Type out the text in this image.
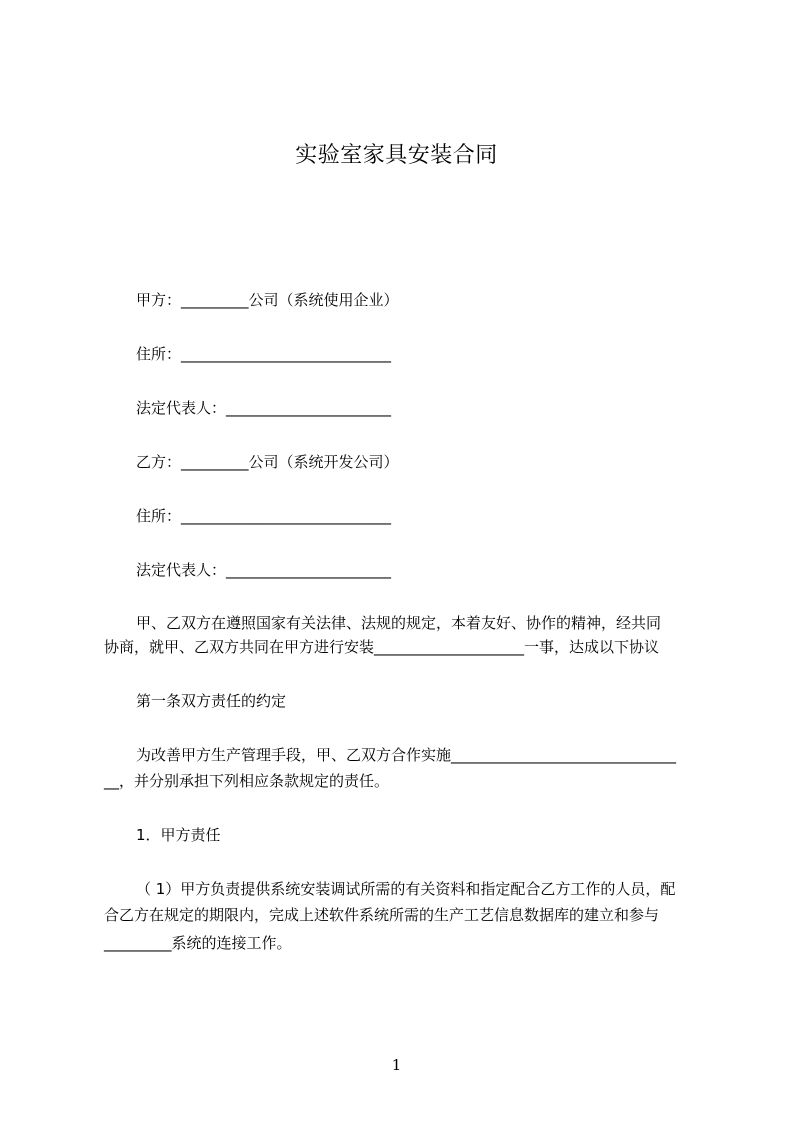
实验室家具安装合同
甲方：_________公司（系统使用企业）
住所：____________________________
法定代表人：______________________
乙方：_________公司（系统开发公司）
住所：____________________________
法定代表人：______________________
甲、乙双方在遵照国家有关法律、法规的规定，本着友好、协作的精神，经共同
协商，就甲、乙双方共同在甲方进行安装____________________一事，达成以下协议
第一条双方责任的约定
为改善甲方生产管理手段，甲、乙双方合作实施______________________________
__，并分别承担下列相应条款规定的责任。
1．甲方责任
（ 1）甲方负责提供系统安装调试所需的有关资料和指定配合乙方工作的人员，配
合乙方在规定的期限内，完成上述软件系统所需的生产工艺信息数据库的建立和参与
_________系统的连接工作。
1
